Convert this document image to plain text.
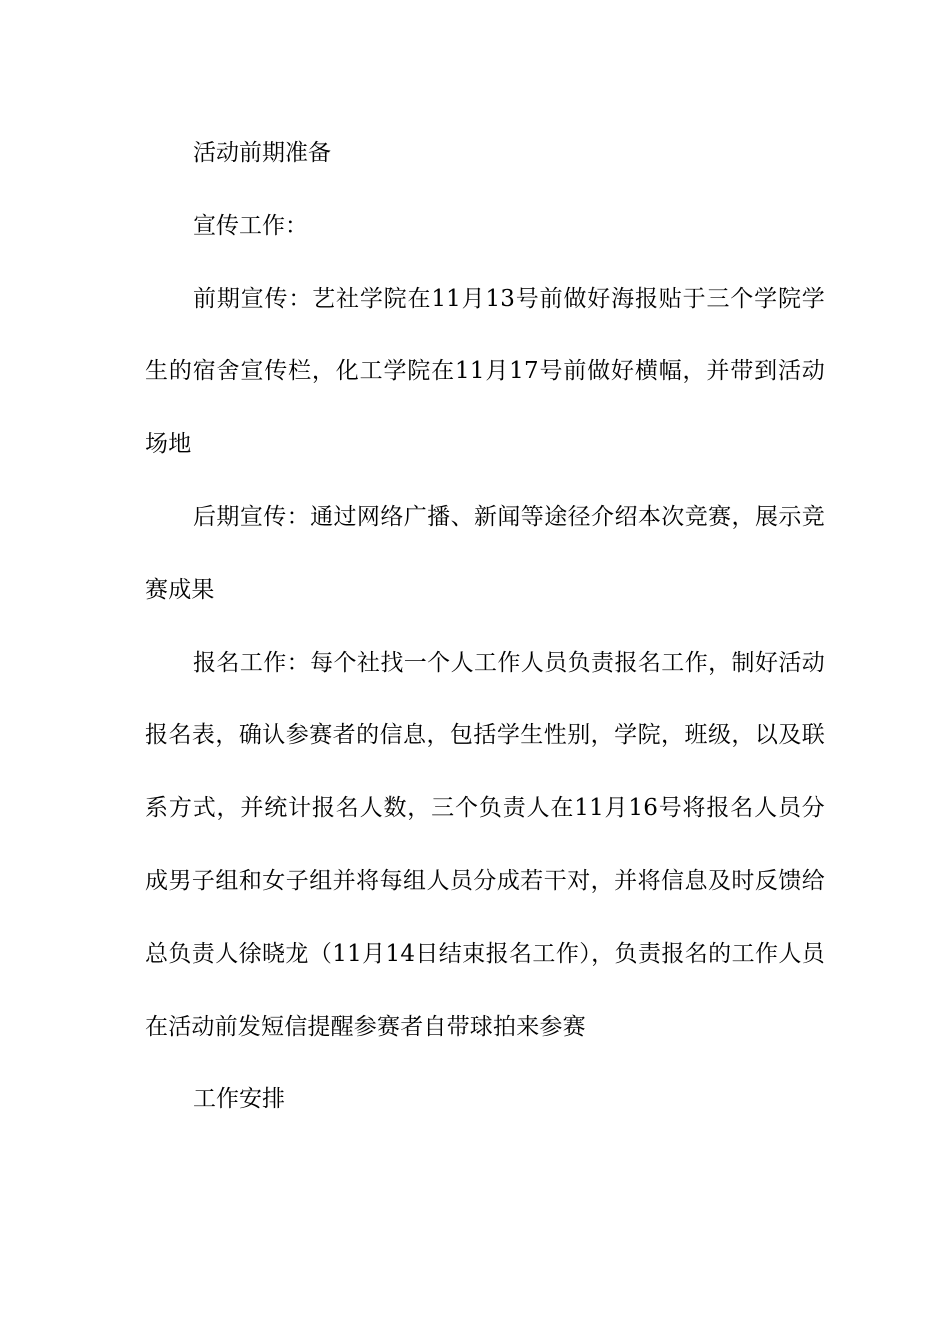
活动前期准备

宣传工作：

前期宣传：艺社学院在11月13号前做好海报贴于三个学院学生的宿舍宣传栏，化工学院在11月17号前做好横幅，并带到活动场地

后期宣传：通过网络广播、新闻等途径介绍本次竞赛，展示竞赛成果

报名工作：每个社找一个人工作人员负责报名工作，制好活动报名表，确认参赛者的信息，包括学生性别，学院，班级，以及联系方式，并统计报名人数，三个负责人在11月16号将报名人员分成男子组和女子组并将每组人员分成若干对，并将信息及时反馈给总负责人徐晓龙（11月14日结束报名工作），负责报名的工作人员在活动前发短信提醒参赛者自带球拍来参赛

工作安排
